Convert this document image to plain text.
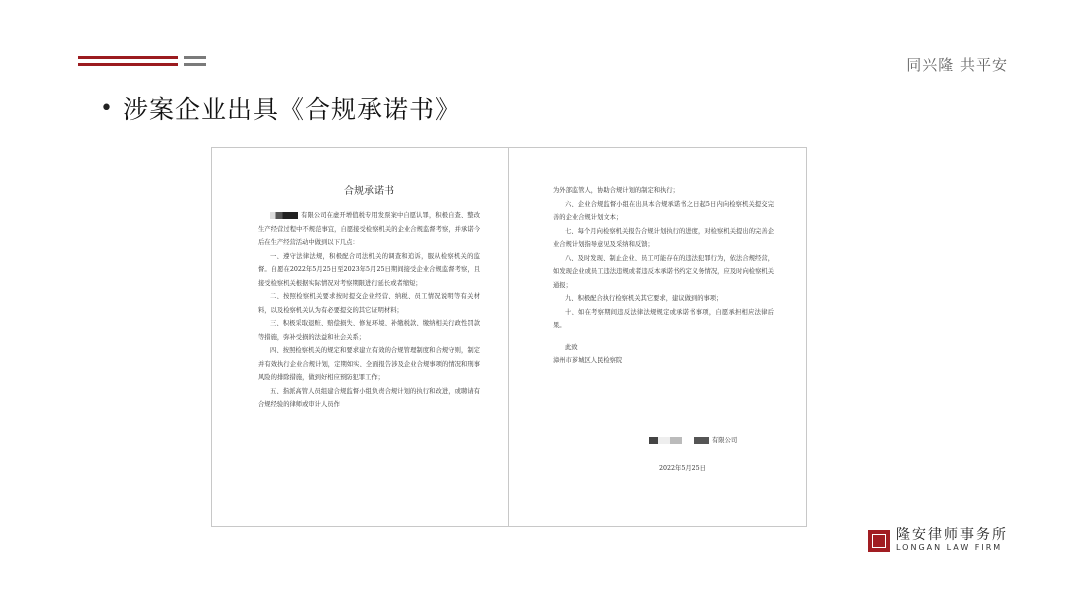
同兴隆 共平安
• 涉案企业出具《合规承诺书》

合规承诺书

有限公司在虚开增值税专用发票案中自愿认罪，积极自查、整改生产经营过程中不规范事宜，自愿接受检察机关的企业合规监督考察，并承诺今后在生产经营活动中做到以下几点：

一、遵守法律法规，积极配合司法机关的调查和追诉，服从检察机关的监督。自愿在2022年5月25日至2023年5月25日期间接受企业合规监督考察，且接受检察机关根据实际情况对考察期限进行延长或者缩短；

二、按照检察机关要求按时提交企业经营、纳税、员工情况说明等有关材料，以及检察机关认为有必要提交的其它证明材料；

三、积极采取退赃、赔偿损失、修复环境、补缴税款、缴纳相关行政性罚款等措施，弥补受损的法益和社会关系；

四、按照检察机关的规定和要求建立有效的合规管理制度和合规守则，制定并有效执行企业合规计划，定期如实、全面报告涉及企业合规事项的情况和刑事风险的排除措施，做到好相应预防犯罪工作；

五、指派高管人员组建合规监督小组负责合规计划的执行和改进，或聘请有合规经验的律师或审计人员作

为外部监管人，协助合规计划的制定和执行；

六、企业合规监督小组在出具本合规承诺书之日起5日内向检察机关提交完善的企业合规计划文本；

七、每个月向检察机关报告合规计划执行的进度，对检察机关提出的完善企业合规计划指导意见及采纳和反馈；

八、及时发现、制止企业、员工可能存在的违法犯罪行为，依法合规经营，如发现企业或员工违法违规或者违反本承诺书约定义务情况，应及时向检察机关通报；

九、积极配合执行检察机关其它要求，建议做到的事项；

十、如在考察期间违反法律法规规定或承诺书事项，自愿承担相应法律后果。

此致

漳州市芗城区人民检察院

有限公司

2022年5月25日

隆安律师事务所
LONGAN LAW FIRM
